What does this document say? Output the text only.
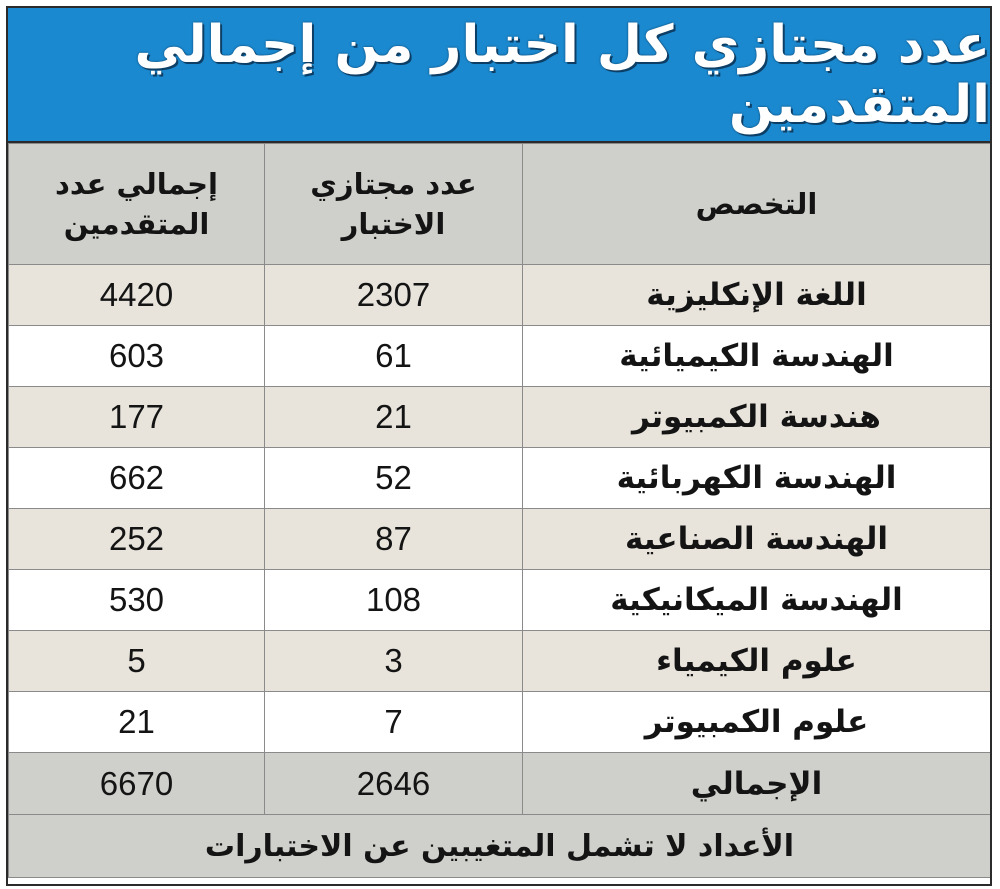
عدد مجتازي كل اختبار من إجمالي المتقدمين
إجمالي عدد المتقدمين	عدد مجتازي الاختبار	التخصص
4420	2307	اللغة الإنكليزية
603	61	الهندسة الكيميائية
177	21	هندسة الكمبيوتر
662	52	الهندسة الكهربائية
252	87	الهندسة الصناعية
530	108	الهندسة الميكانيكية
5	3	علوم الكيمياء
21	7	علوم الكمبيوتر
6670	2646	الإجمالي
الأعداد لا تشمل المتغيبين عن الاختبارات		
